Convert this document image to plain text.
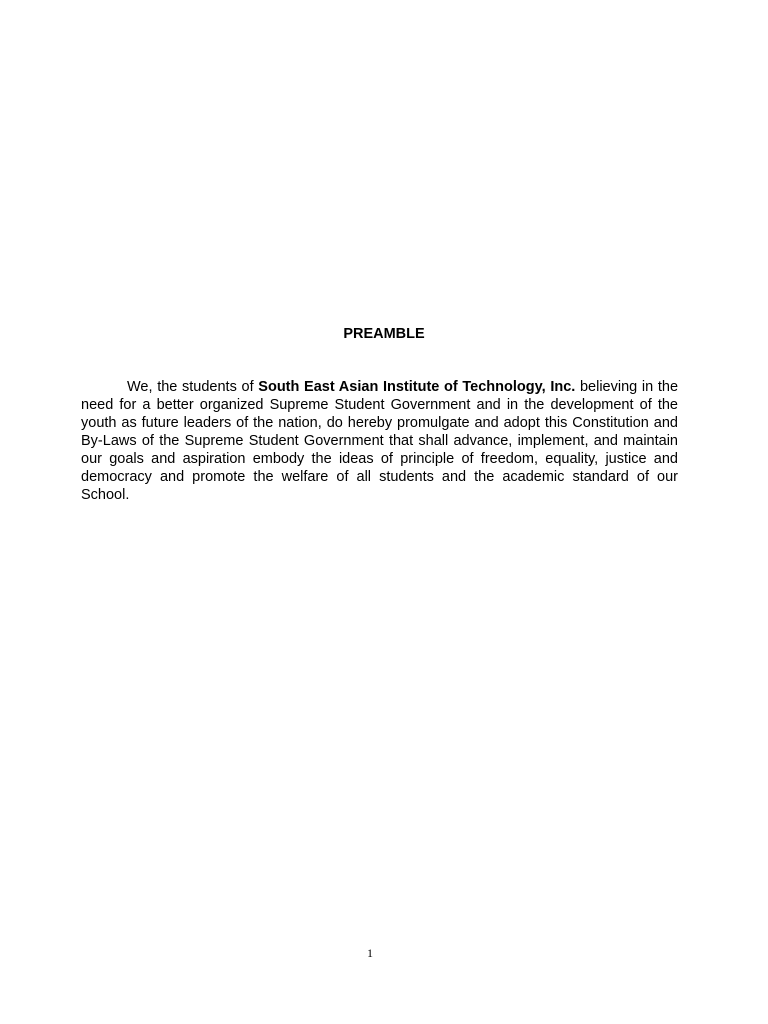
PREAMBLE

We, the students of South East Asian Institute of Technology, Inc. believing in the need for a better organized Supreme Student Government and in the development of the youth as future leaders of the nation, do hereby promulgate and adopt this Constitution and By-Laws of the Supreme Student Government that shall advance, implement, and maintain our goals and aspiration embody the ideas of principle of freedom, equality, justice and democracy and promote the welfare of all students and the academic standard of our School.

1
